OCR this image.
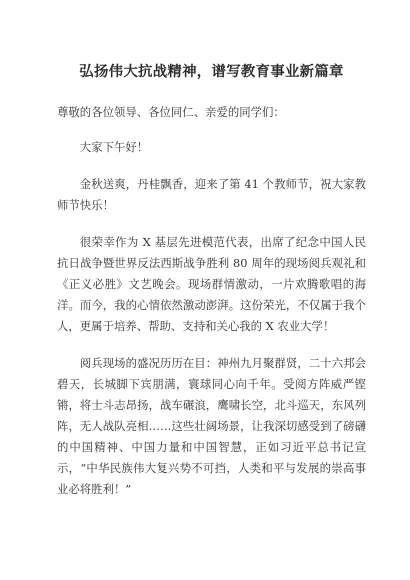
弘扬伟大抗战精神，谱写教育事业新篇章

尊敬的各位领导、各位同仁、亲爱的同学们：

大家下午好！

金秋送爽，丹桂飘香，迎来了第 41 个教师节，祝大家教师节快乐！

很荣幸作为 X 基层先进模范代表，出席了纪念中国人民抗日战争暨世界反法西斯战争胜利 80 周年的现场阅兵观礼和《正义必胜》文艺晚会。现场群情激动，一片欢腾歌唱的海洋。而今，我的心情依然激动澎湃。这份荣光，不仅属于我个人，更属于培养、帮助、支持和关心我的 X 农业大学！

阅兵现场的盛况历历在目：神州九月聚群贤，二十六邦会碧天，长城脚下宾朋满，寰球同心向千年。受阅方阵威严铿锵，将士斗志昂扬，战车碾浪，鹰啸长空，北斗巡天，东风列阵，无人战队亮相……这些壮阔场景，让我深切感受到了磅礴的中国精神、中国力量和中国智慧，正如习近平总书记宣示，“中华民族伟大复兴势不可挡，人类和平与发展的崇高事业必将胜利！”
